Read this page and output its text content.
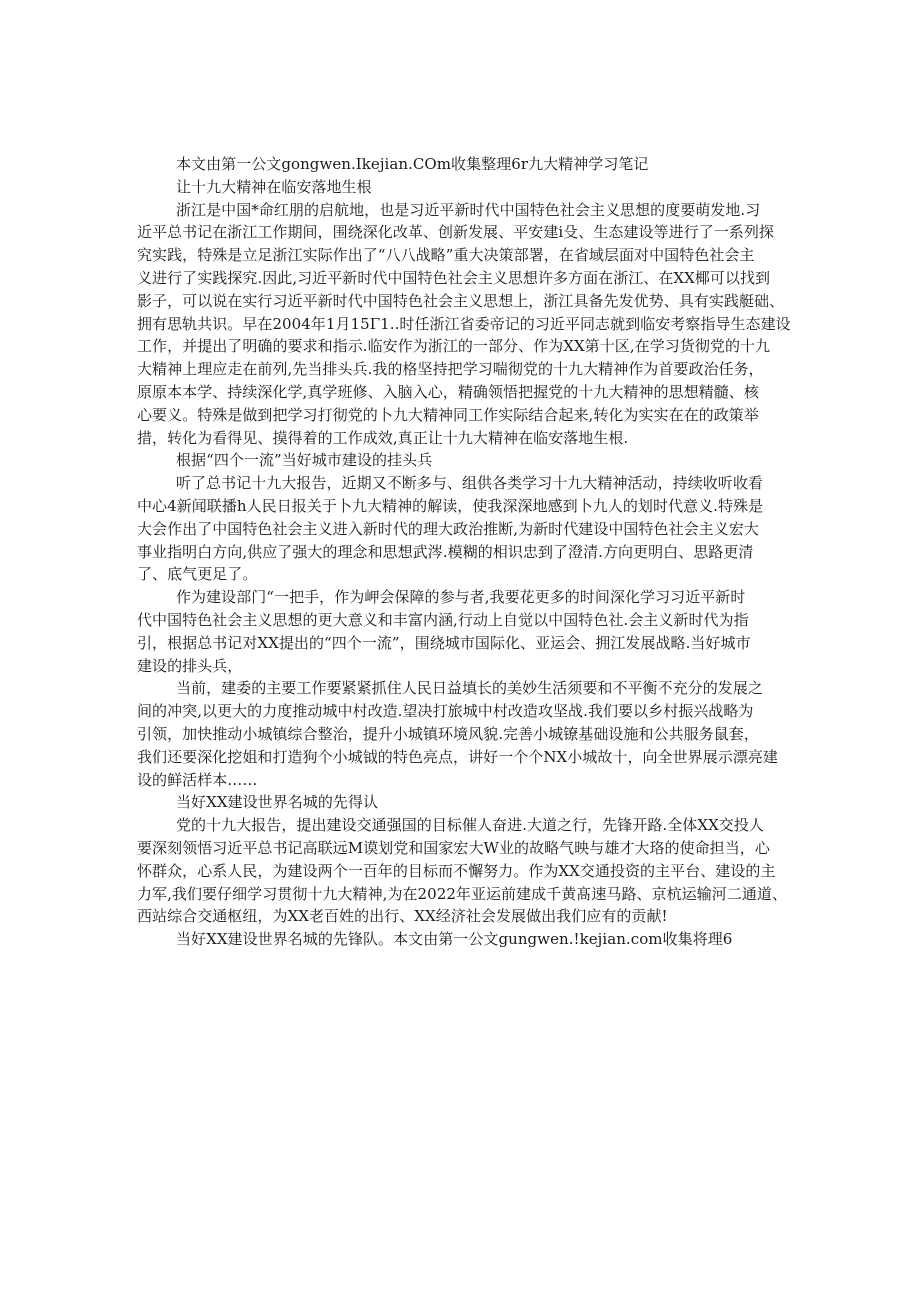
本文由第一公文gongwen.Ikejian.COm收集整理6r九大精神学习笔记

让十九大精神在临安落地生根

浙江是中国*命红朋的启航地，也是习近平新时代中国特色社会主义思想的度要萌发地.习

近平总书记在浙江工作期间，围绕深化改革、创新发展、平安建i殳、生态建设等进行了一系列探

究实践，特殊是立足浙江实际作出了“八八战略”重大决策部署，在省域层面对中国特色社会主

义进行了实践探究.因此,习近平新时代中国特色社会主义思想许多方面在浙江、在XX椰可以找到

影子，可以说在实行习近平新时代中国特色社会主义思想上，浙江具备先发优势、具有实践艇础、

拥有思轨共识。早在2004年1月15Γ1..时任浙江省委帝记的习近平同志就到临安考察指导生态建设

工作，并提出了明确的要求和指示.临安作为浙江的一部分、作为XX第十区,在学习货彻党的十九

大精神上理应走在前列,先当排头兵.我的格坚持把学习喘彻党的十九大精神作为首要政治任务，

原原本本学、持续深化学,真学班修、入脑入心，精确领悟把握党的十九大精神的思想精髓、核

心要义。特殊是做到把学习打彻党的卜九大精神同工作实际结合起来,转化为实实在在的政策举

措，转化为看得见、摸得着的工作成效,真正让十九大精神在临安落地生根.

根据“四个一流”当好城市建设的挂头兵

听了总书记十九大报告，近期又不断多与、组供各类学习十九大精神活动，持续收听收看

中心4新闻联播h人民日报关于卜九大精神的解读，使我深深地感到卜九人的划时代意义.特殊是

大会作出了中国特色社会主义进入新时代的理大政治推断,为新时代建设中国特色社会主义宏大

事业指明白方向,供应了强大的理念和思想武涔.模糊的相识忠到了澄清.方向更明白、思路更清

了、底气更足了。

作为建设部门“一把手，作为岬会保障的参与者,我要花更多的时间深化学习习近平新时

代中国特色社会主义思想的更大意义和丰富内涵,行动上自觉以中国特色社.会主义新时代为指

引，根据总书记对XX提出的“四个一流”，围绕城市国际化、亚运会、拥江发展战略.当好城市

建设的排头兵，

当前，建委的主要工作要紧紧抓住人民日益填长的美妙生活须要和不平衡不充分的发展之

间的冲突,以更大的力度推动城中村改造.望决打旅城中村改造攻坚战.我们要以乡村振兴战略为

引领，加快推动小城镇综合整治，提升小城镇环境风貌.完善小城镣基础设施和公共服务鼠套，

我们还要深化挖姐和打造狗个小城钺的特色亮点，讲好一个个NX小城故十，向全世界展示漂亮建

设的鲜活样本……

当好XX建设世界名城的先得认

党的十九大报告，提出建设交通强国的目标催人奋进.大道之行，先锋开路.全体XX交投人

要深刻领悟习近平总书记高联远M谟划党和国家宏大W业的故略气映与雄才大珞的使命担当，心

怀群众，心系人民，为建设两个一百年的目标而不懈努力。作为XX交通投资的主平台、建设的主

力军,我们要仔细学习贯彻十九大精神,为在2022年亚运前建成千黄髙速马路、京杭运输河二通道、

西站综合交通枢纽，为XX老百姓的出行、XX经济社会发展做出我们应有的贡献!

当好XX建设世界名城的先锋队。本文由第一公文gungwen.!kejian.com收集将理6
